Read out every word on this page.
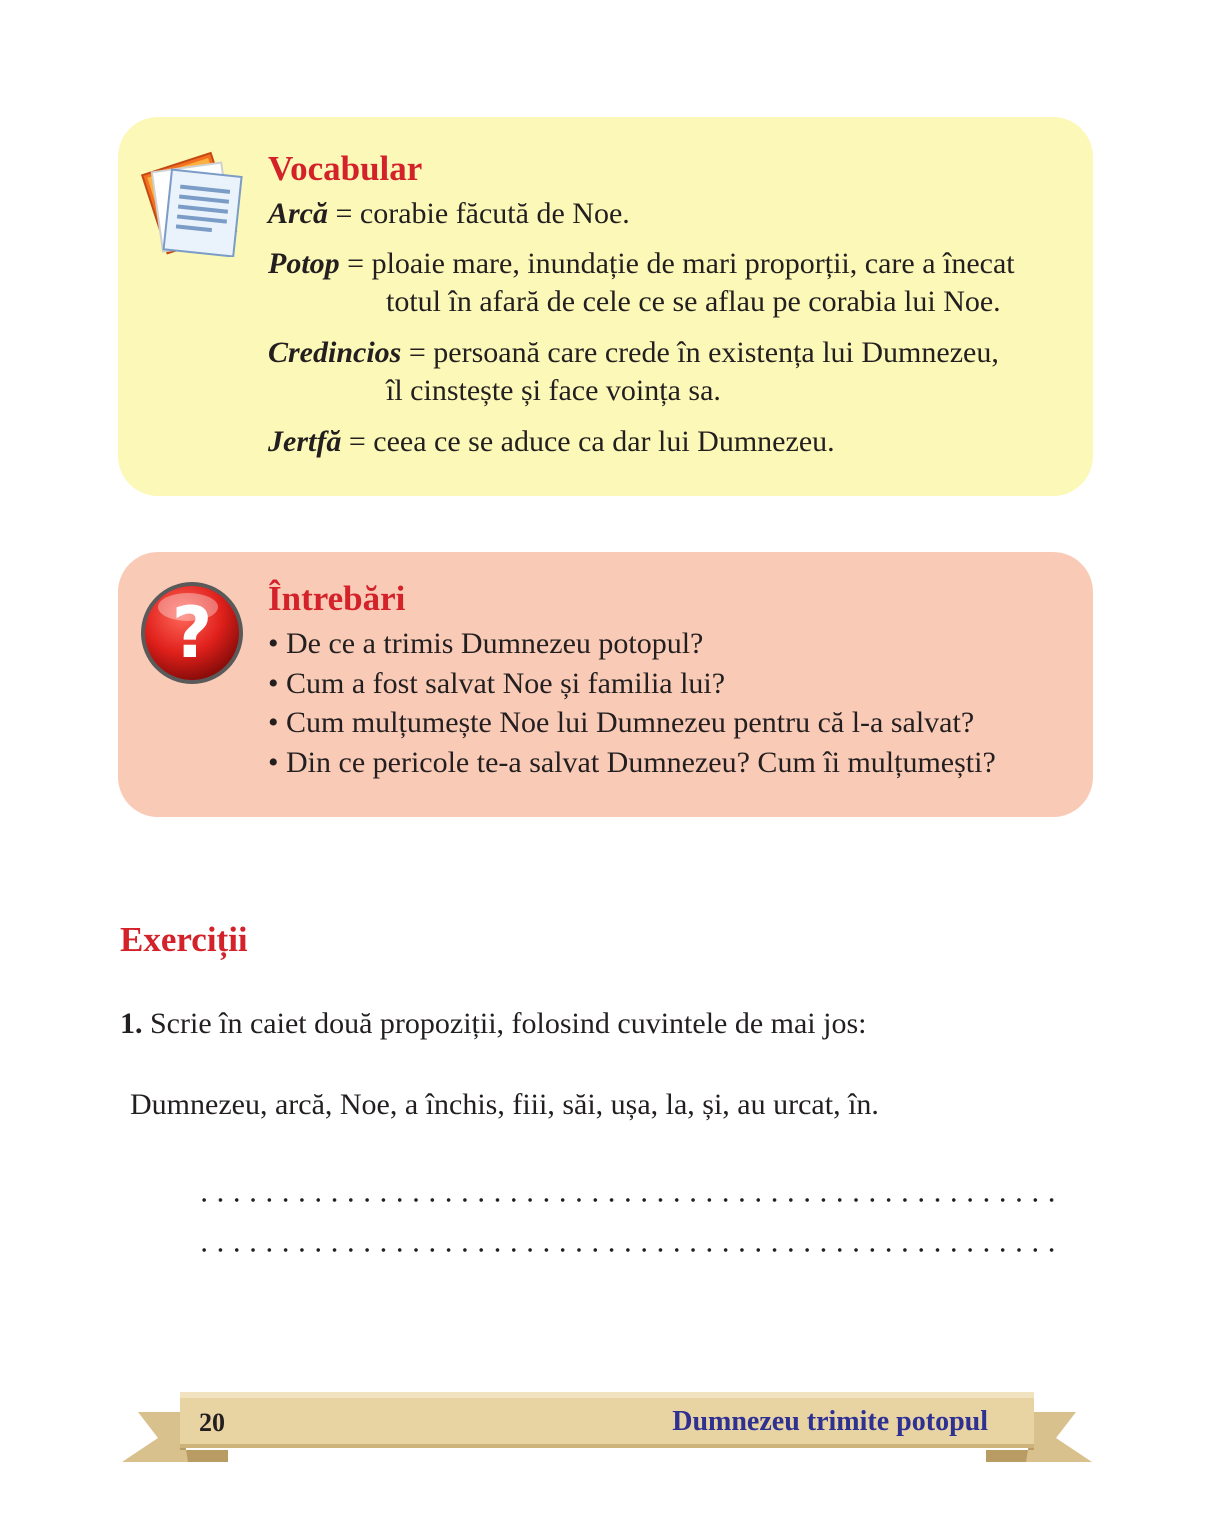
Vocabular

Arcă = corabie făcută de Noe.

Potop = ploaie mare, inundație de mari proporții, care a înecat
totul în afară de cele ce se aflau pe corabia lui Noe.

Credincios = persoană care crede în existența lui Dumnezeu,
îl cinstește și face voința sa.

Jertfă = ceea ce se aduce ca dar lui Dumnezeu.

? Întrebări
• De ce a trimis Dumnezeu potopul?
• Cum a fost salvat Noe și familia lui?
• Cum mulțumește Noe lui Dumnezeu pentru că l-a salvat?
• Din ce pericole te-a salvat Dumnezeu? Cum îi mulțumești?
Exerciții
1. Scrie în caiet două propoziții, folosind cuvintele de mai jos:
Dumnezeu, arcă, Noe, a închis, fiii, săi, ușa, la, și, au urcat, în.
20	Dumnezeu trimite potopul
